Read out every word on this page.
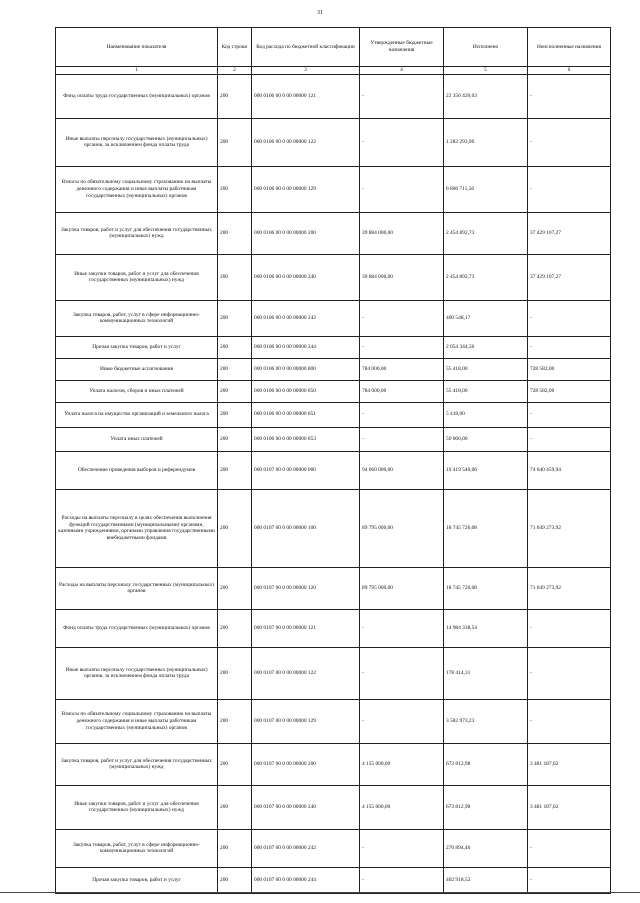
31
Наименование показателя	Код строки	Код расхода по бюджетной классификации	Утвержденные бюджетные назначения	Исполнено	Неисполненные назначения
1	2	3	4	5	6
Фонд оплаты труда государственных (муниципальных) органов	200	000 0106 00 0 00 00000 121	-	22 356 420,03	-
Иные выплаты персоналу государственных (муниципальных) органов, за исключением фонда оплаты труда	200	000 0106 00 0 00 00000 122	-	1 282 293,90	-
Взносы по обязательному социальному страхованию на выплаты денежного содержания и иные выплаты работникам государственных (муниципальных) органов	200	000 0106 00 0 00 00000 129	-	6 806 711,56	-
Закупка товаров, работ и услуг для обеспечения государственных (муниципальных) нужд	200	000 0106 00 0 00 00000 200	39 884 000,00	2 454 892,73	37 429 107,27
Иные закупки товаров, работ и услуг для обеспечения государственных (муниципальных) нужд	200	000 0106 00 0 00 00000 240	39 884 000,00	2 454 892,73	37 429 107,27
Закупка товаров, работ, услуг в сфере информационно-коммуникационных технологий	200	000 0106 00 0 00 00000 242	-	400 548,17	-
Прочая закупка товаров, работ и услуг	200	000 0106 00 0 00 00000 244	-	2 054 344,56	-
Иные бюджетные ассигнования	200	000 0106 00 0 00 00000 800	784 000,00	55 418,00	728 582,00
Уплата налогов, сборов и иных платежей	200	000 0106 00 0 00 00000 850	784 000,00	55 418,00	728 582,00
Уплата налога на имущество организаций и земельного налога	200	000 0106 00 0 00 00000 851	-	5 418,00	-
Уплата иных платежей	200	000 0106 00 0 00 00000 853	-	50 000,00	-
Обеспечение проведения выборов и референдумов	200	000 0107 00 0 00 00000 000	94 060 000,00	19 419 540,06	74 640 459,94
Расходы на выплаты персоналу в целях обеспечения выполнения функций государственными (муниципальными) органами, казенными учреждениями, органами управления государственными внебюджетными фондами	200	000 0107 00 0 00 00000 100	89 795 000,00	18 745 726,08	71 049 273,92
Расходы на выплаты персоналу государственных (муниципальных) органов	200	000 0107 00 0 00 00000 120	89 795 000,00	18 745 726,08	71 049 273,92
Фонд оплаты труда государственных (муниципальных) органов	200	000 0107 00 0 00 00000 121	-	14 984 338,54	-
Иные выплаты персоналу государственных (муниципальных) органов, за исключением фонда оплаты труда	200	000 0107 00 0 00 00000 122	-	178 414,31	-
Взносы по обязательному социальному страхованию на выплаты денежного содержания и иные выплаты работникам государственных (муниципальных) органов	200	000 0107 00 0 00 00000 129	-	3 582 973,23	-
Закупка товаров, работ и услуг для обеспечения государственных (муниципальных) нужд	200	000 0107 00 0 00 00000 200	4 155 000,00	673 812,98	3 481 187,02
Иные закупки товаров, работ и услуг для обеспечения государственных (муниципальных) нужд	200	000 0107 00 0 00 00000 240	4 155 000,00	673 812,98	3 481 187,02
Закупка товаров, работ, услуг в сфере информационно-коммуникационных технологий	200	000 0107 00 0 00 00000 242	-	270 894,46	-
Прочая закупка товаров, работ и услуг	200	000 0107 00 0 00 00000 244	-	402 918,52	-
